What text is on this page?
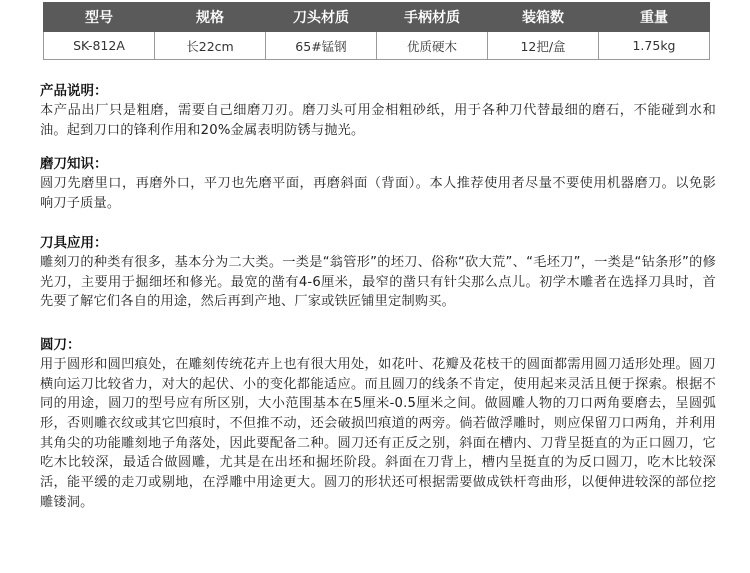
型号	规格	刀头材质	手柄材质	装箱数	重量
SK-812A	长22cm	65#锰钢	优质硬木	12把/盒	1.75kg
产品说明：
本产品出厂只是粗磨，需要自己细磨刀刃。磨刀头可用金相粗砂纸，用于各种刀代替最细的磨石，不能碰到水和油。起到刀口的锋利作用和20%金属表明防锈与抛光。
磨刀知识：
圆刀先磨里口，再磨外口，平刀也先磨平面，再磨斜面（背面）。本人推荐使用者尽量不要使用机器磨刀。以免影响刀子质量。
刀具应用：
雕刻刀的种类有很多，基本分为二大类。一类是“翁管形”的坯刀、俗称“砍大荒”、“毛坯刀”，一类是“钻条形”的修光刀，主要用于掘细坯和修光。最宽的凿有4-6厘米，最窄的凿只有针尖那么点儿。初学木雕者在选择刀具时，首先要了解它们各自的用途，然后再到产地、厂家或铁匠铺里定制购买。
圆刀：
用于圆形和圆凹痕处，在雕刻传统花卉上也有很大用处，如花叶、花瓣及花枝干的圆面都需用圆刀适形处理。圆刀横向运刀比较省力，对大的起伏、小的变化都能适应。而且圆刀的线条不肯定，使用起来灵活且便于探索。根据不同的用途，圆刀的型号应有所区别，大小范围基本在5厘米-0.5厘米之间。做圆雕人物的刀口两角要磨去，呈圆弧形，否则雕衣纹或其它凹痕时，不但推不动，还会破损凹痕道的两旁。倘若做浮雕时，则应保留刀口两角，并利用其角尖的功能雕刻地子角落处，因此要配备二种。圆刀还有正反之别，斜面在槽内、刀背呈挺直的为正口圆刀，它吃木比较深，最适合做圆雕，尤其是在出坯和掘坯阶段。斜面在刀背上，槽内呈挺直的为反口圆刀，吃木比较深活，能平缓的走刀或剔地，在浮雕中用途更大。圆刀的形状还可根据需要做成铁杆弯曲形，以便伸进较深的部位挖雕镂洞。
